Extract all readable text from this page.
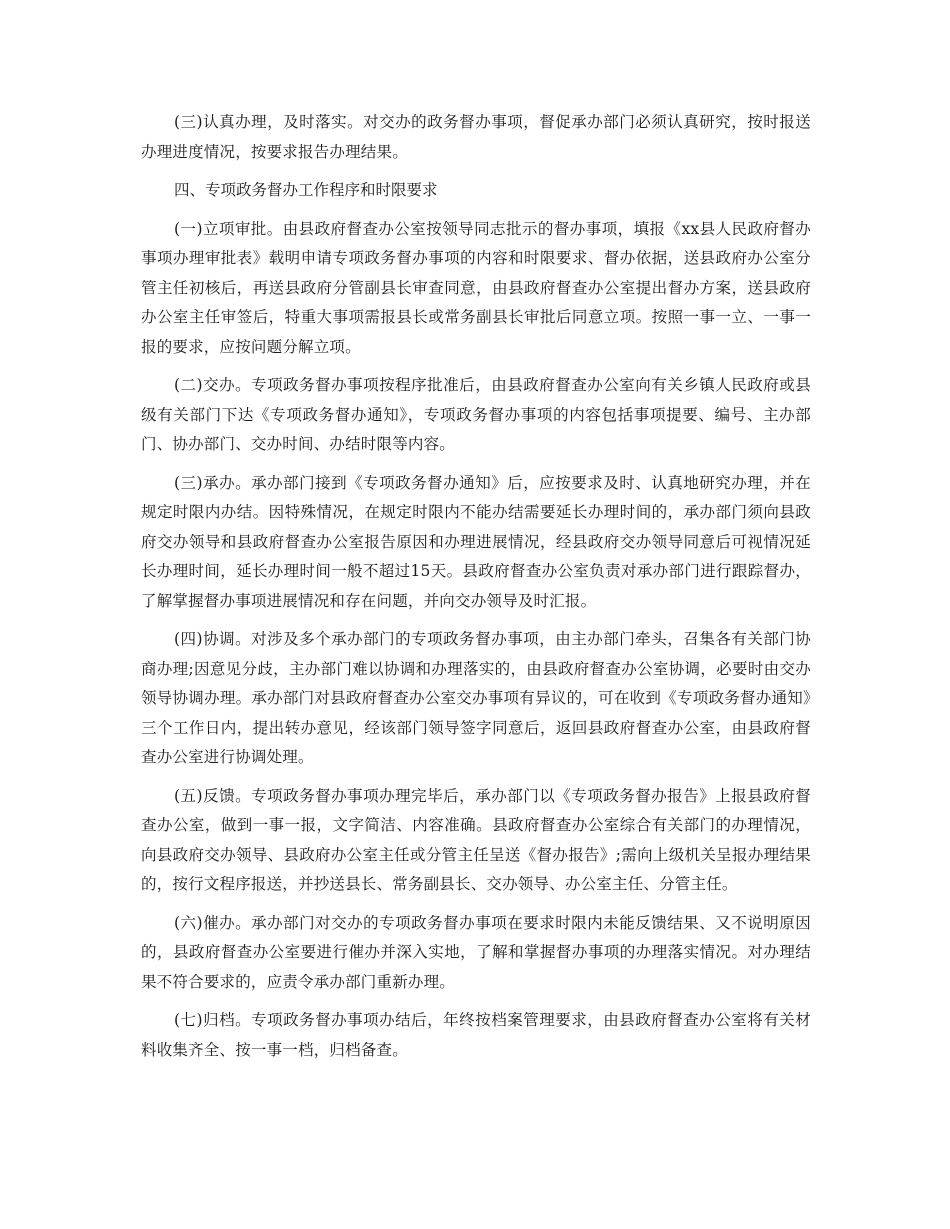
(三)认真办理，及时落实。对交办的政务督办事项，督促承办部门必须认真研究，按时报送办理进度情况，按要求报告办理结果。

四、专项政务督办工作程序和时限要求

(一)立项审批。由县政府督查办公室按领导同志批示的督办事项，填报《xx县人民政府督办事项办理审批表》载明申请专项政务督办事项的内容和时限要求、督办依据，送县政府办公室分管主任初核后，再送县政府分管副县长审查同意，由县政府督查办公室提出督办方案，送县政府办公室主任审签后，特重大事项需报县长或常务副县长审批后同意立项。按照一事一立、一事一报的要求，应按问题分解立项。

(二)交办。专项政务督办事项按程序批准后，由县政府督查办公室向有关乡镇人民政府或县级有关部门下达《专项政务督办通知》，专项政务督办事项的内容包括事项提要、编号、主办部门、协办部门、交办时间、办结时限等内容。

(三)承办。承办部门接到《专项政务督办通知》后，应按要求及时、认真地研究办理，并在规定时限内办结。因特殊情况，在规定时限内不能办结需要延长办理时间的，承办部门须向县政府交办领导和县政府督查办公室报告原因和办理进展情况，经县政府交办领导同意后可视情况延长办理时间，延长办理时间一般不超过15天。县政府督查办公室负责对承办部门进行跟踪督办，了解掌握督办事项进展情况和存在问题，并向交办领导及时汇报。

(四)协调。对涉及多个承办部门的专项政务督办事项，由主办部门牵头，召集各有关部门协商办理;因意见分歧，主办部门难以协调和办理落实的，由县政府督查办公室协调，必要时由交办领导协调办理。承办部门对县政府督查办公室交办事项有异议的，可在收到《专项政务督办通知》三个工作日内，提出转办意见，经该部门领导签字同意后，返回县政府督查办公室，由县政府督查办公室进行协调处理。

(五)反馈。专项政务督办事项办理完毕后，承办部门以《专项政务督办报告》上报县政府督查办公室，做到一事一报，文字简洁、内容准确。县政府督查办公室综合有关部门的办理情况，向县政府交办领导、县政府办公室主任或分管主任呈送《督办报告》;需向上级机关呈报办理结果的，按行文程序报送，并抄送县长、常务副县长、交办领导、办公室主任、分管主任。

(六)催办。承办部门对交办的专项政务督办事项在要求时限内未能反馈结果、又不说明原因的，县政府督查办公室要进行催办并深入实地，了解和掌握督办事项的办理落实情况。对办理结果不符合要求的，应责令承办部门重新办理。

(七)归档。专项政务督办事项办结后，年终按档案管理要求，由县政府督查办公室将有关材料收集齐全、按一事一档，归档备查。
